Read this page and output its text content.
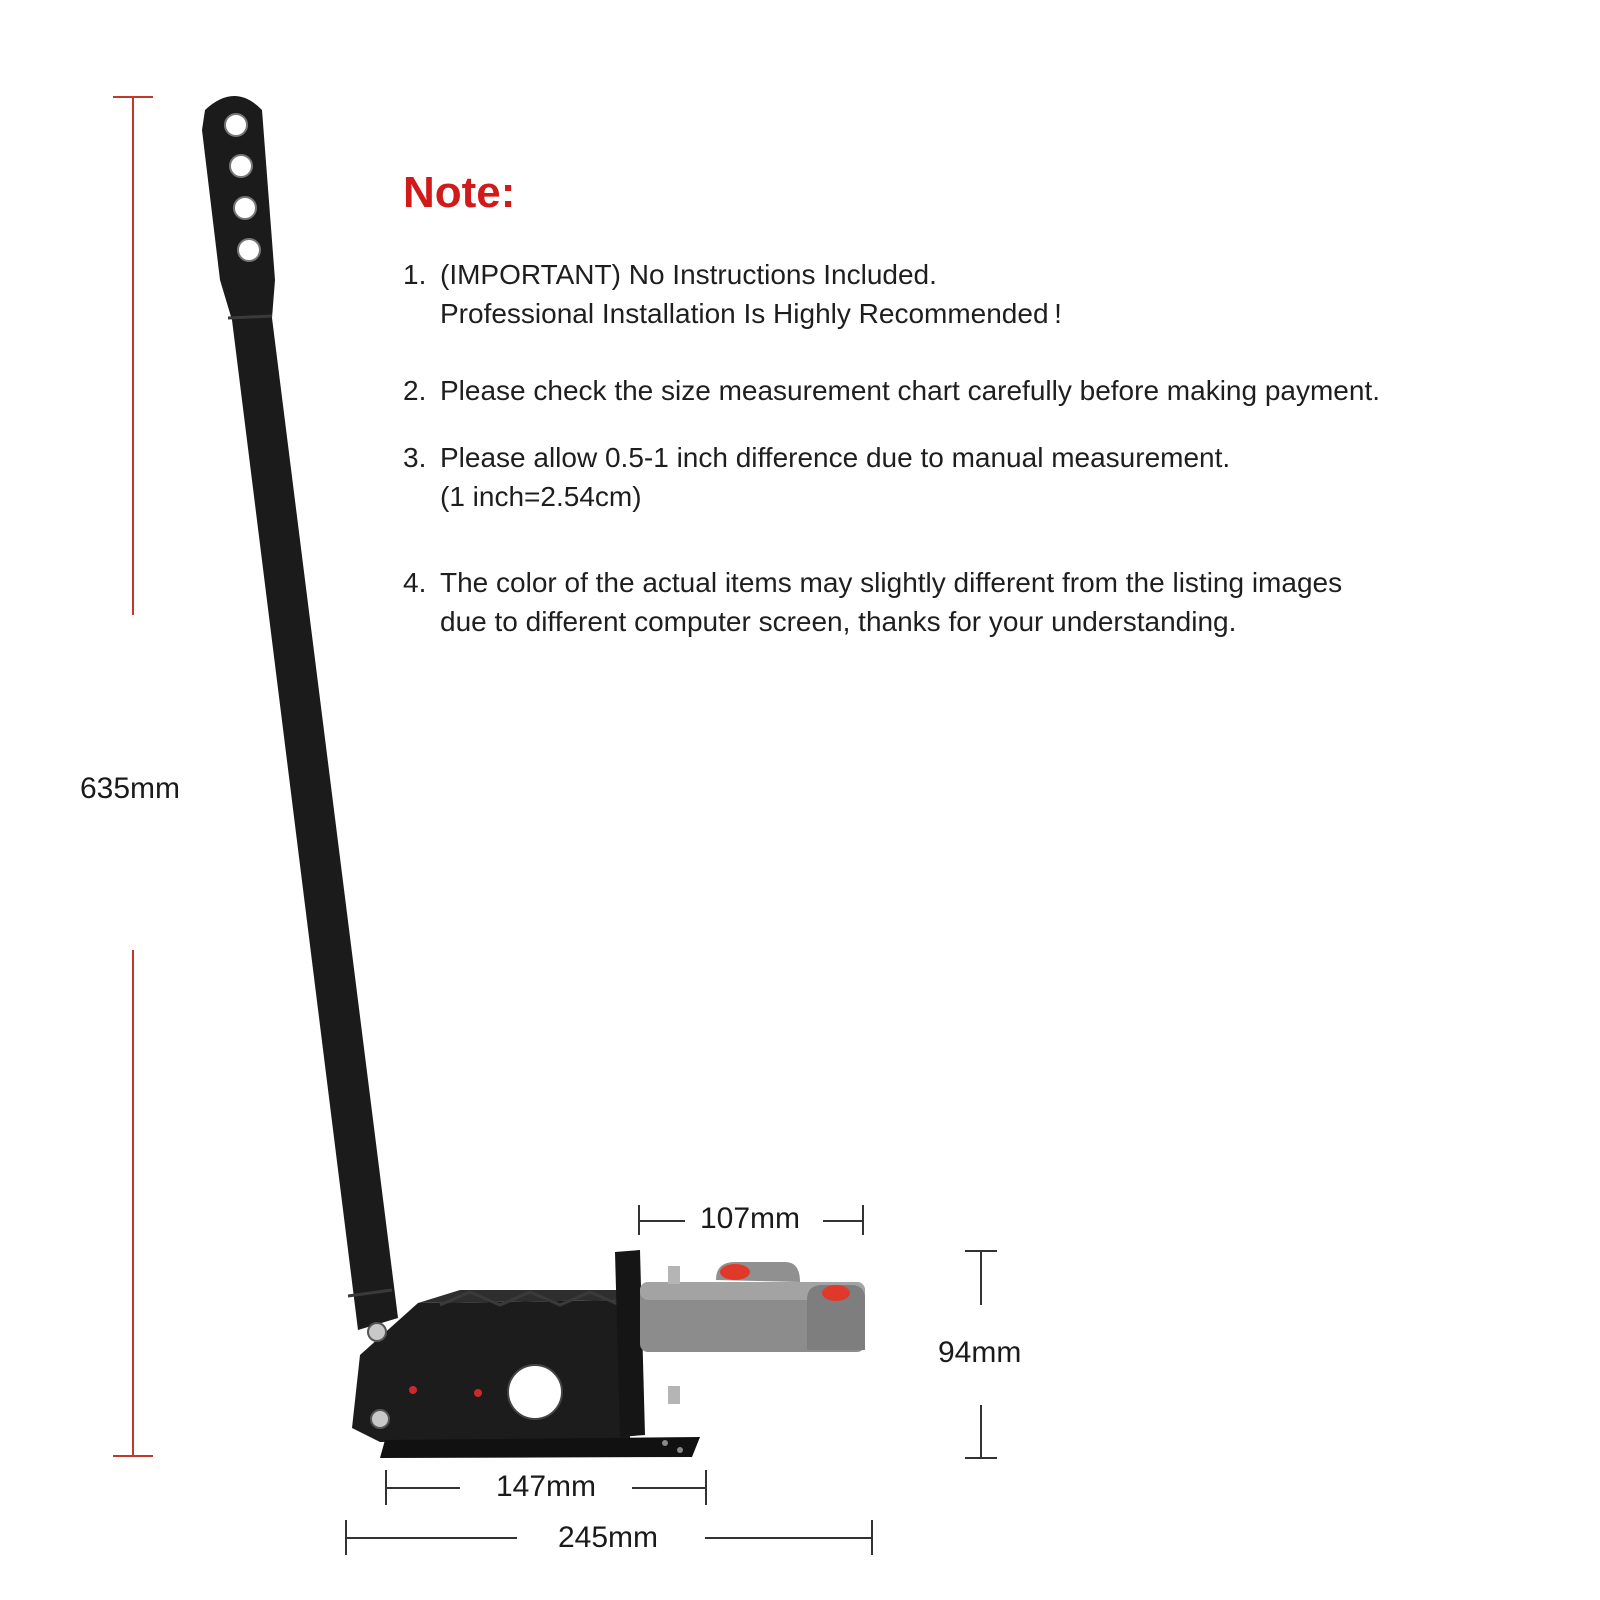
Note:
1. (IMPORTANT) No Instructions Included.
Professional Installation Is Highly Recommended !
2. Please check the size measurement chart carefully before making payment.
3. Please allow 0.5-1 inch difference due to manual measurement.
(1 inch=2.54cm)
4. The color of the actual items may slightly different from the listing images
due to different computer screen, thanks for your understanding.
635mm
107mm
94mm
147mm
245mm
